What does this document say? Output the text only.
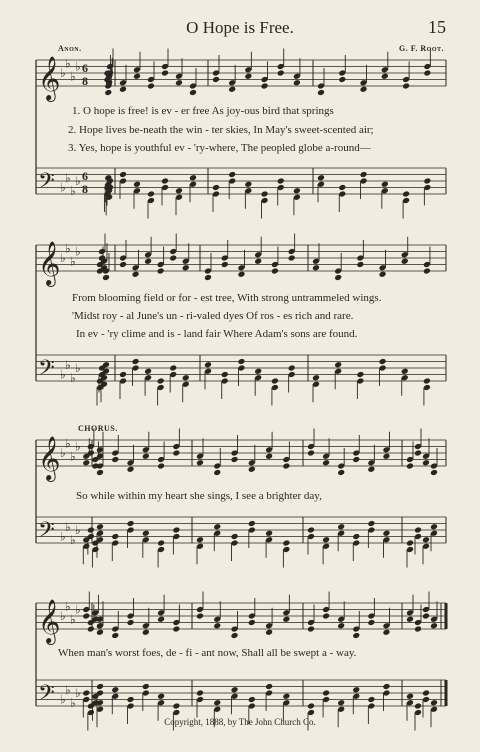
O Hope is Free.	15
Anon.	G. F. Root.
𝄞 ♭
♭
♭
♭ 6
8
𝄢 ♭
♭
♭
♭ 6
8
𝄞 ♭
♭
♭
♭
𝄢 ♭
♭
♭
♭
𝄞 ♭
♭
♭
♭
𝄢 ♭
♭
♭
♭
𝄞 ♭
♭
♭
♭
𝄢 ♭
♭
♭
♭
1. O hope is free! is ev - er free As joy-ous bird that springs
2. Hope lives be-neath the win - ter skies, In May's sweet-scented air;
3. Yes, hope is youthful ev - 'ry-where, The peopled globe a-round—
From blooming field or for - est tree, With strong untrammeled wings.
'Midst roy - al June's un - ri-valed dyes Of ros - es rich and rare.
In ev - 'ry clime and is - land fair Where Adam's sons are found.
CHORUS.
So while within my heart she sings, I see a brighter day,
When man's worst foes, de - fi - ant now, Shall all be swept a - way.
Copyright, 1888, by The John Church Co.
